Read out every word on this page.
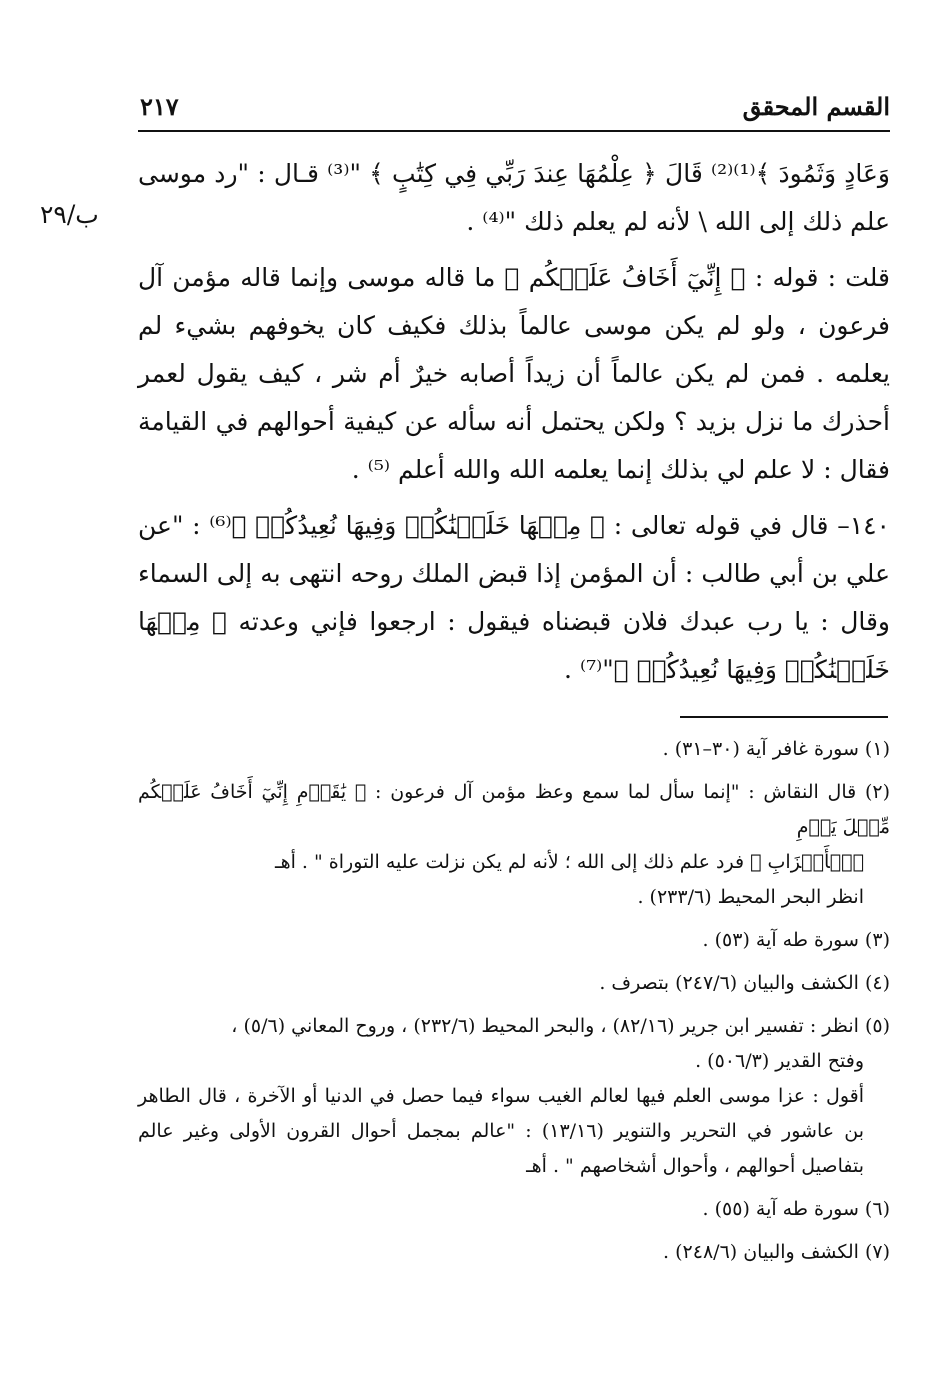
القسم المحقق
٢١٧
ب/٢٩

وَعَادٍ وَثَمُودَ ﴾⁽¹⁾⁽²⁾ قَالَ ﴿ عِلْمُهَا عِندَ رَبِّي فِي كِتَٰبٍ ﴾ "⁽³⁾ قـال : "رد موسى علم ذلك إلى الله \ لأنه لم يعلم ذلك "⁽⁴⁾ .

قلت : قوله : ﴿ إِنِّيٓ أَخَافُ عَلَيۡكُم ﴾ ما قاله موسى وإنما قاله مؤمن آل فرعون ، ولو لم يكن موسى عالماً بذلك فكيف كان يخوفهم بشيء لم يعلمه . فمن لم يكن عالماً أن زيداً أصابه خيرٌ أم شر ، كيف يقول لعمر أحذرك ما نزل بزيد ؟ ولكن يحتمل أنه سأله عن كيفية أحوالهم في القيامة فقال : لا علم لي بذلك إنما يعلمه الله والله أعلم ⁽⁵⁾ .

١٤٠– قال في قوله تعالى : ﴿ مِنۡهَا خَلَقۡنَٰكُمۡ وَفِيهَا نُعِيدُكُمۡ ﴾⁽⁶⁾ : "عن علي بن أبي طالب : أن المؤمن إذا قبض الملك روحه انتهى به إلى السماء وقال : يا رب عبدك فلان قبضناه فيقول : ارجعوا فإني وعدته ﴿ مِنۡهَا خَلَقۡنَٰكُمۡ وَفِيهَا نُعِيدُكُمۡ ﴾"⁽⁷⁾ .

(١) سورة غافر آية (٣٠–٣١) .
(٢) قال النقاش : "إنما سأل لما سمع وعظ مؤمن آل فرعون : ﴿ يَٰقَوۡمِ إِنِّيٓ أَخَافُ عَلَيۡكُم مِّثۡلَ يَوۡمِ
ٱلۡأَحۡزَابِ ﴾ فرد علم ذلك إلى الله ؛ لأنه لم يكن نزلت عليه التوراة " . أهـ
انظر البحر المحيط (٢٣٣/٦) .
(٣) سورة طه آية (٥٣) .
(٤) الكشف والبيان (٢٤٧/٦) بتصرف .
(٥) انظر : تفسير ابن جرير (٨٢/١٦) ، والبحر المحيط (٢٣٢/٦) ، وروح المعاني (٥/٦) ،
وفتح القدير (٥٠٦/٣) .
أقول : عزا موسى العلم فيها لعالم الغيب سواء فيما حصل في الدنيا أو الآخرة ، قال الطاهر بن عاشور في التحرير والتنوير (١٣/١٦) : "عالم بمجمل أحوال القرون الأولى وغير عالم بتفاصيل أحوالهم ، وأحوال أشخاصهم " . أهـ
(٦) سورة طه آية (٥٥) .
(٧) الكشف والبيان (٢٤٨/٦) .
